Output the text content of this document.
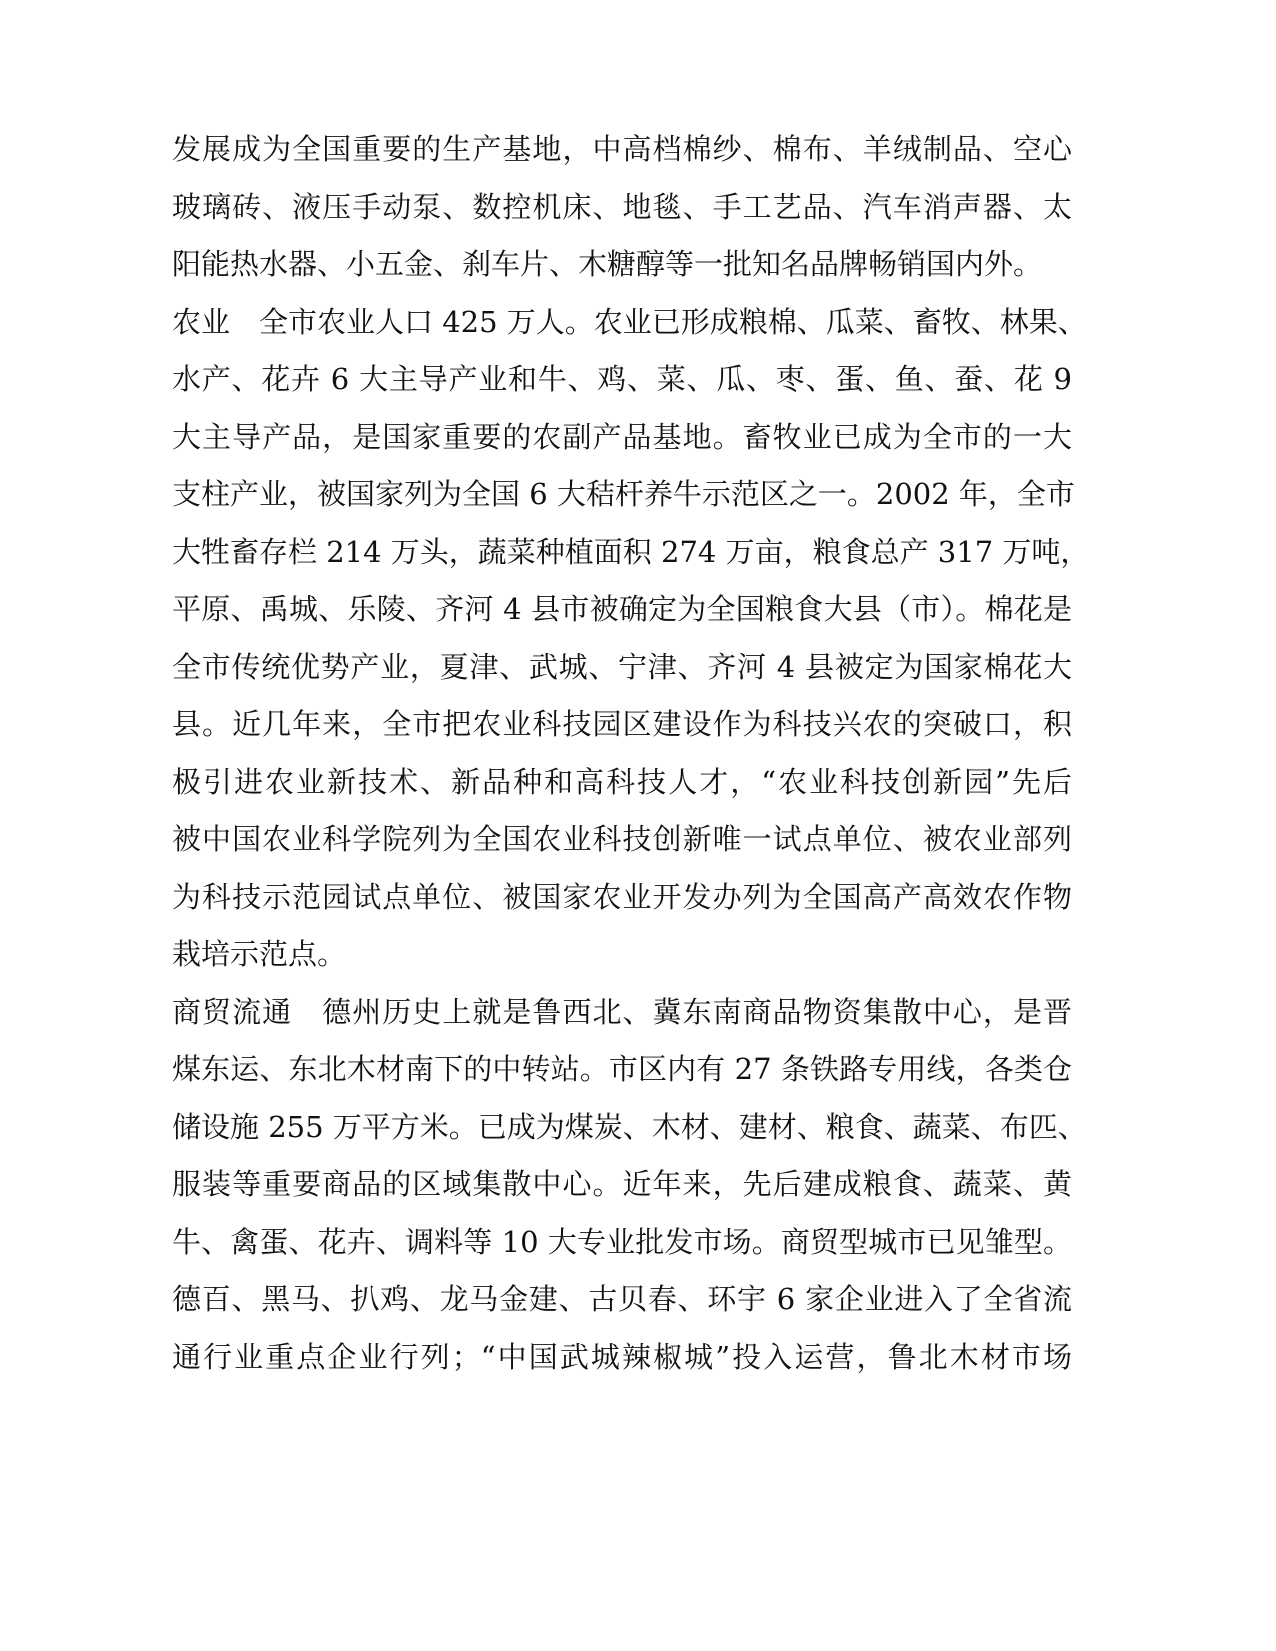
发展成为全国重要的生产基地，中高档棉纱、棉布、羊绒制品、空心
玻璃砖、液压手动泵、数控机床、地毯、手工艺品、汽车消声器、太
阳能热水器、小五金、刹车片、木糖醇等一批知名品牌畅销国内外。
农业　全市农业人口 425 万人。农业已形成粮棉、瓜菜、畜牧、林果、
水产、花卉 6 大主导产业和牛、鸡、菜、瓜、枣、蛋、鱼、蚕、花 9
大主导产品，是国家重要的农副产品基地。畜牧业已成为全市的一大
支柱产业，被国家列为全国 6 大秸杆养牛示范区之一。2002 年，全市
大牲畜存栏 214 万头，蔬菜种植面积 274 万亩，粮食总产 317 万吨，
平原、禹城、乐陵、齐河 4 县市被确定为全国粮食大县（市）。棉花是
全市传统优势产业，夏津、武城、宁津、齐河 4 县被定为国家棉花大
县。近几年来，全市把农业科技园区建设作为科技兴农的突破口，积
极引进农业新技术、新品种和高科技人才，“农业科技创新园”先后
被中国农业科学院列为全国农业科技创新唯一试点单位、被农业部列
为科技示范园试点单位、被国家农业开发办列为全国高产高效农作物
栽培示范点。
商贸流通　德州历史上就是鲁西北、冀东南商品物资集散中心，是晋
煤东运、东北木材南下的中转站。市区内有 27 条铁路专用线，各类仓
储设施 255 万平方米。已成为煤炭、木材、建材、粮食、蔬菜、布匹、
服装等重要商品的区域集散中心。近年来，先后建成粮食、蔬菜、黄
牛、禽蛋、花卉、调料等 10 大专业批发市场。商贸型城市已见雏型。
德百、黑马、扒鸡、龙马金建、古贝春、环宇 6 家企业进入了全省流
通行业重点企业行列；“中国武城辣椒城”投入运营，鲁北木材市场
